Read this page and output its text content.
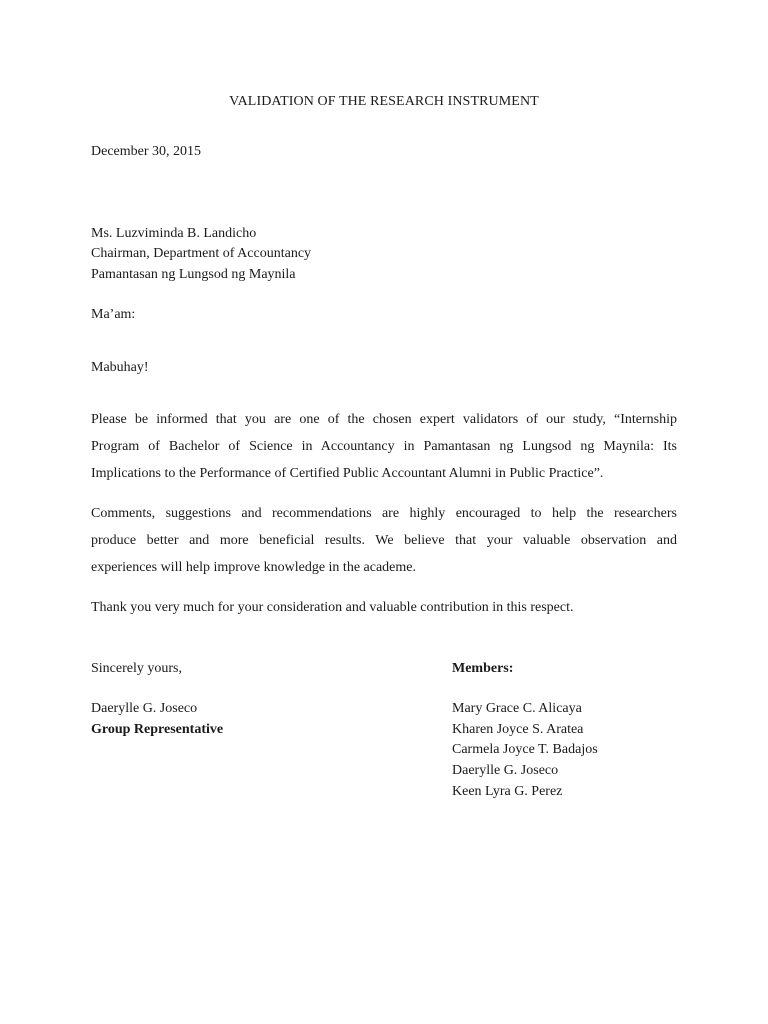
VALIDATION OF THE RESEARCH INSTRUMENT
December 30, 2015
Ms. Luzviminda B. Landicho
Chairman, Department of Accountancy
Pamantasan ng Lungsod ng Maynila
Ma’am:
Mabuhay!
Please be informed that you are one of the chosen expert validators of our study, “Internship
Program of Bachelor of Science in Accountancy in Pamantasan ng Lungsod ng Maynila: Its
Implications to the Performance of Certified Public Accountant Alumni in Public Practice”.
Comments, suggestions and recommendations are highly encouraged to help the researchers
produce better and more beneficial results. We believe that your valuable observation and
experiences will help improve knowledge in the academe.
Thank you very much for your consideration and valuable contribution in this respect.
Sincerely yours,
Daerylle G. Joseco
Group Representative
Members:
Mary Grace C. Alicaya
Kharen Joyce S. Aratea
Carmela Joyce T. Badajos
Daerylle G. Joseco
Keen Lyra G. Perez
